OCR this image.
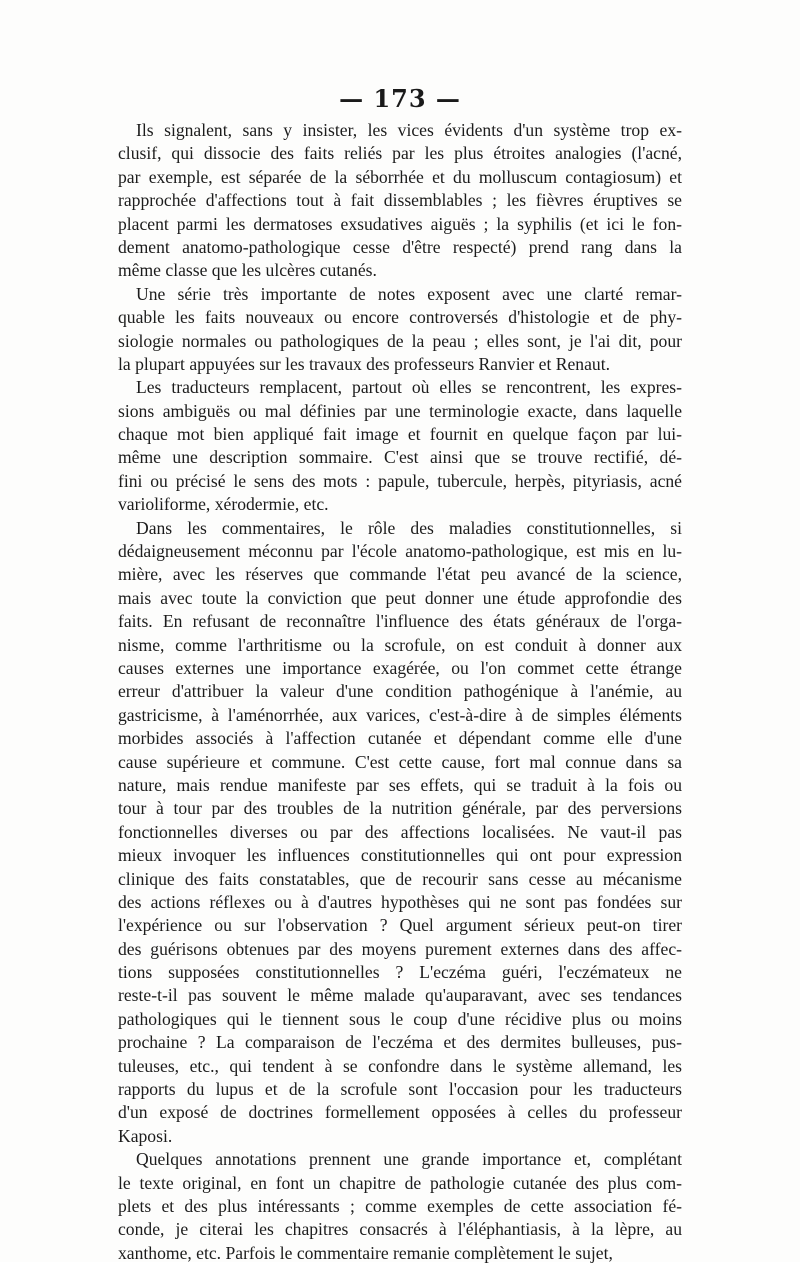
— 173 —
Ils signalent, sans y insister, les vices évidents d'un système trop ex-
clusif, qui dissocie des faits reliés par les plus étroites analogies (l'acné,
par exemple, est séparée de la séborrhée et du molluscum contagiosum) et
rapprochée d'affections tout à fait dissemblables ; les fièvres éruptives se
placent parmi les dermatoses exsudatives aiguës ; la syphilis (et ici le fon-
dement anatomo-pathologique cesse d'être respecté) prend rang dans la
même classe que les ulcères cutanés.
Une série très importante de notes exposent avec une clarté remar-
quable les faits nouveaux ou encore controversés d'histologie et de phy-
siologie normales ou pathologiques de la peau ; elles sont, je l'ai dit, pour
la plupart appuyées sur les travaux des professeurs Ranvier et Renaut.
Les traducteurs remplacent, partout où elles se rencontrent, les expres-
sions ambiguës ou mal définies par une terminologie exacte, dans laquelle
chaque mot bien appliqué fait image et fournit en quelque façon par lui-
même une description sommaire. C'est ainsi que se trouve rectifié, dé-
fini ou précisé le sens des mots : papule, tubercule, herpès, pityriasis, acné
varioliforme, xérodermie, etc.
Dans les commentaires, le rôle des maladies constitutionnelles, si
dédaigneusement méconnu par l'école anatomo-pathologique, est mis en lu-
mière, avec les réserves que commande l'état peu avancé de la science,
mais avec toute la conviction que peut donner une étude approfondie des
faits. En refusant de reconnaître l'influence des états généraux de l'orga-
nisme, comme l'arthritisme ou la scrofule, on est conduit à donner aux
causes externes une importance exagérée, ou l'on commet cette étrange
erreur d'attribuer la valeur d'une condition pathogénique à l'anémie, au
gastricisme, à l'aménorrhée, aux varices, c'est-à-dire à de simples éléments
morbides associés à l'affection cutanée et dépendant comme elle d'une
cause supérieure et commune. C'est cette cause, fort mal connue dans sa
nature, mais rendue manifeste par ses effets, qui se traduit à la fois ou
tour à tour par des troubles de la nutrition générale, par des perversions
fonctionnelles diverses ou par des affections localisées. Ne vaut-il pas
mieux invoquer les influences constitutionnelles qui ont pour expression
clinique des faits constatables, que de recourir sans cesse au mécanisme
des actions réflexes ou à d'autres hypothèses qui ne sont pas fondées sur
l'expérience ou sur l'observation ? Quel argument sérieux peut-on tirer
des guérisons obtenues par des moyens purement externes dans des affec-
tions supposées constitutionnelles ? L'eczéma guéri, l'eczémateux ne
reste-t-il pas souvent le même malade qu'auparavant, avec ses tendances
pathologiques qui le tiennent sous le coup d'une récidive plus ou moins
prochaine ? La comparaison de l'eczéma et des dermites bulleuses, pus-
tuleuses, etc., qui tendent à se confondre dans le système allemand, les
rapports du lupus et de la scrofule sont l'occasion pour les traducteurs
d'un exposé de doctrines formellement opposées à celles du professeur
Kaposi.
Quelques annotations prennent une grande importance et, complétant
le texte original, en font un chapitre de pathologie cutanée des plus com-
plets et des plus intéressants ; comme exemples de cette association fé-
conde, je citerai les chapitres consacrés à l'éléphantiasis, à la lèpre, au
xanthome, etc. Parfois le commentaire remanie complètement le sujet,
